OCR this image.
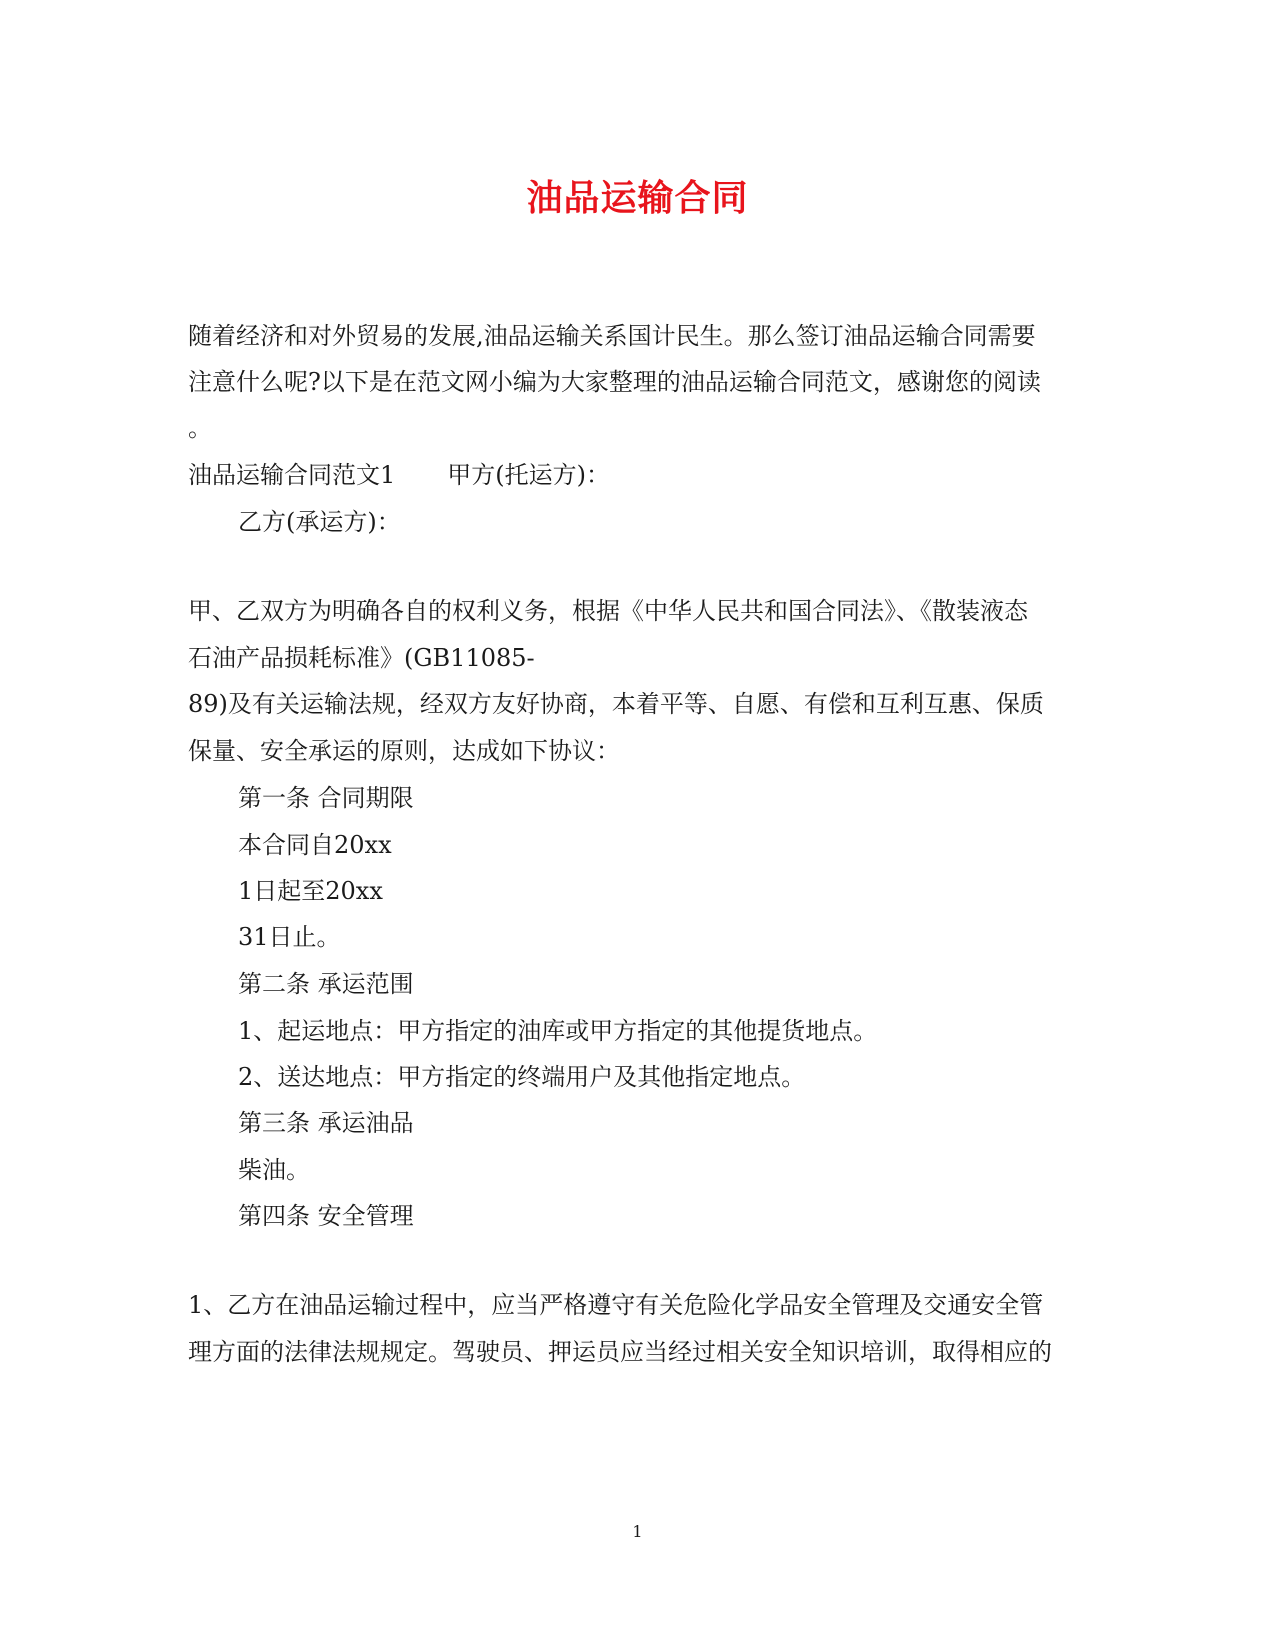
油品运输合同
随着经济和对外贸易的发展,油品运输关系国计民生。那么签订油品运输合同需要
注意什么呢?以下是在范文网小编为大家整理的油品运输合同范文，感谢您的阅读
。
油品运输合同范文1 甲方(托运方)：
乙方(承运方)：
甲、乙双方为明确各自的权利义务，根据《中华人民共和国合同法》、《散装液态
石油产品损耗标准》(GB11085-
89)及有关运输法规，经双方友好协商，本着平等、自愿、有偿和互利互惠、保质
保量、安全承运的原则，达成如下协议：
第一条 合同期限
本合同自20xx
1日起至20xx
31日止。
第二条 承运范围
1、起运地点：甲方指定的油库或甲方指定的其他提货地点。
2、送达地点：甲方指定的终端用户及其他指定地点。
第三条 承运油品
柴油。
第四条 安全管理
1、乙方在油品运输过程中，应当严格遵守有关危险化学品安全管理及交通安全管
理方面的法律法规规定。驾驶员、押运员应当经过相关安全知识培训，取得相应的
1
